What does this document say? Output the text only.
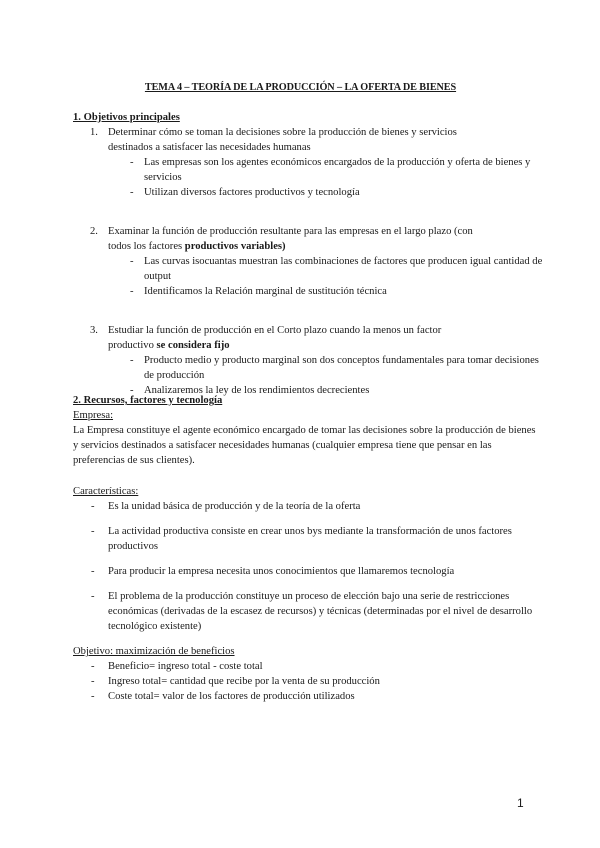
TEMA 4 – TEORÍA DE LA PRODUCCIÓN – LA OFERTA DE BIENES

1. Objetivos principales

1. Determinar cómo se toman la decisiones sobre la producción de bienes y servicios

destinados a satisfacer las necesidades humanas

- Las empresas son los agentes económicos encargados de la producción y oferta de bienes y servicios

- Utilizan diversos factores productivos y tecnología

2. Examinar la función de producción resultante para las empresas en el largo plazo (con

todos los factores productivos variables)

- Las curvas isocuantas muestran las combinaciones de factores que producen igual cantidad de output

- Identificamos la Relación marginal de sustitución técnica

3. Estudiar la función de producción en el Corto plazo cuando la menos un factor

productivo se considera fijo

- Producto medio y producto marginal son dos conceptos fundamentales para tomar decisiones de producción

- Analizaremos la ley de los rendimientos decrecientes

2. Recursos, factores y tecnología

Empresa:

La Empresa constituye el agente económico encargado de tomar las decisiones sobre la producción de bienes y servicios destinados a satisfacer necesidades humanas (cualquier empresa tiene que pensar en las preferencias de sus clientes).

Características:

- Es la unidad básica de producción y de la teoría de la oferta

- La actividad productiva consiste en crear unos bys mediante la transformación de unos factores productivos

- Para producir la empresa necesita unos conocimientos que llamaremos tecnología

- El problema de la producción constituye un proceso de elección bajo una serie de restricciones económicas (derivadas de la escasez de recursos) y técnicas (determinadas por el nivel de desarrollo tecnológico existente)

Objetivo: maximización de beneficios

- Beneficio= ingreso total - coste total

- Ingreso total= cantidad que recibe por la venta de su producción

- Coste total= valor de los factores de producción utilizados

1
